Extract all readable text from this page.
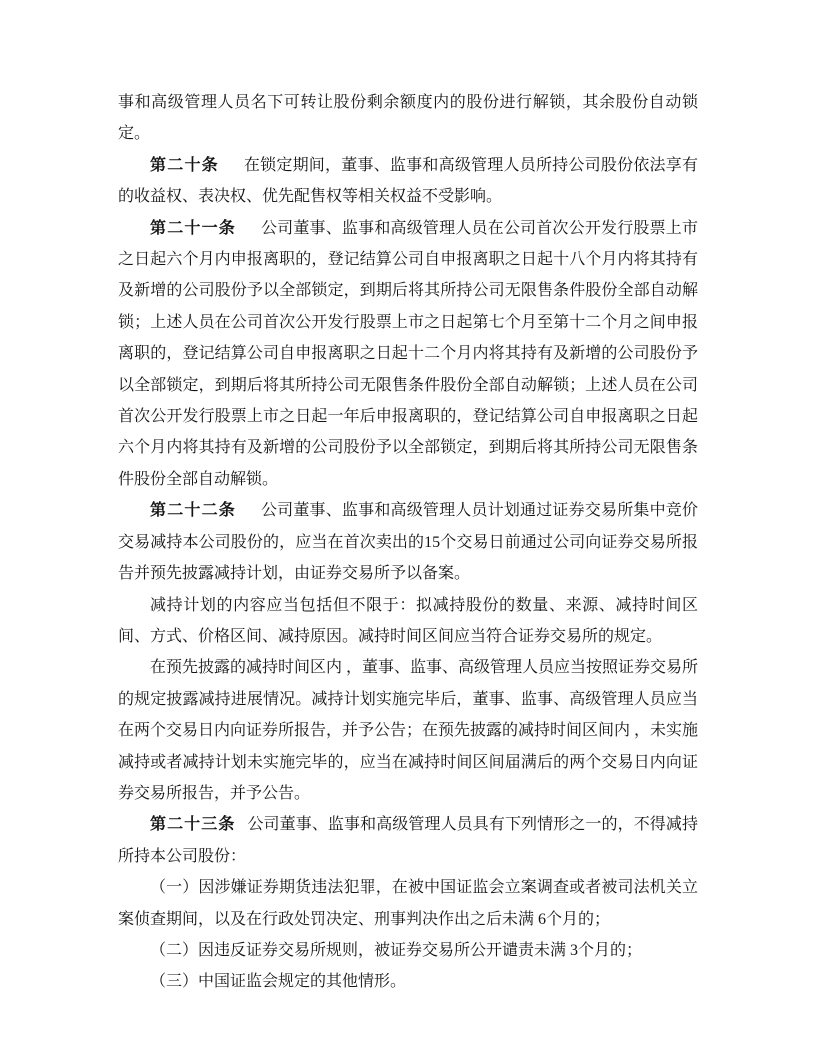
事和高级管理人员名下可转让股份剩余额度内的股份进行解锁，其余股份自动锁定。

第二十条 在锁定期间，董事、监事和高级管理人员所持公司股份依法享有的收益权、表决权、优先配售权等相关权益不受影响。

第二十一条 公司董事、监事和高级管理人员在公司首次公开发行股票上市之日起六个月内申报离职的，登记结算公司自申报离职之日起十八个月内将其持有及新增的公司股份予以全部锁定，到期后将其所持公司无限售条件股份全部自动解锁；上述人员在公司首次公开发行股票上市之日起第七个月至第十二个月之间申报离职的，登记结算公司自申报离职之日起十二个月内将其持有及新增的公司股份予以全部锁定，到期后将其所持公司无限售条件股份全部自动解锁；上述人员在公司首次公开发行股票上市之日起一年后申报离职的，登记结算公司自申报离职之日起六个月内将其持有及新增的公司股份予以全部锁定，到期后将其所持公司无限售条件股份全部自动解锁。

第二十二条 公司董事、监事和高级管理人员计划通过证券交易所集中竞价交易减持本公司股份的，应当在首次卖出的15个交易日前通过公司向证券交易所报告并预先披露减持计划，由证券交易所予以备案。

减持计划的内容应当包括但不限于：拟减持股份的数量、来源、减持时间区间、方式、价格区间、减持原因。减持时间区间应当符合证券交易所的规定。

在预先披露的减持时间区内 ，董事、监事、高级管理人员应当按照证券交易所的规定披露减持进展情况。减持计划实施完毕后，董事、监事、高级管理人员应当在两个交易日内向证券所报告，并予公告；在预先披露的减持时间区间内 ，未实施减持或者减持计划未实施完毕的，应当在减持时间区间届满后的两个交易日内向证券交易所报告，并予公告。

第二十三条 公司董事、监事和高级管理人员具有下列情形之一的，不得减持所持本公司股份：

（一）因涉嫌证券期货违法犯罪，在被中国证监会立案调查或者被司法机关立案侦查期间，以及在行政处罚决定、刑事判决作出之后未满 6个月的；

（二）因违反证券交易所规则，被证券交易所公开谴责未满 3个月的；

（三）中国证监会规定的其他情形。
